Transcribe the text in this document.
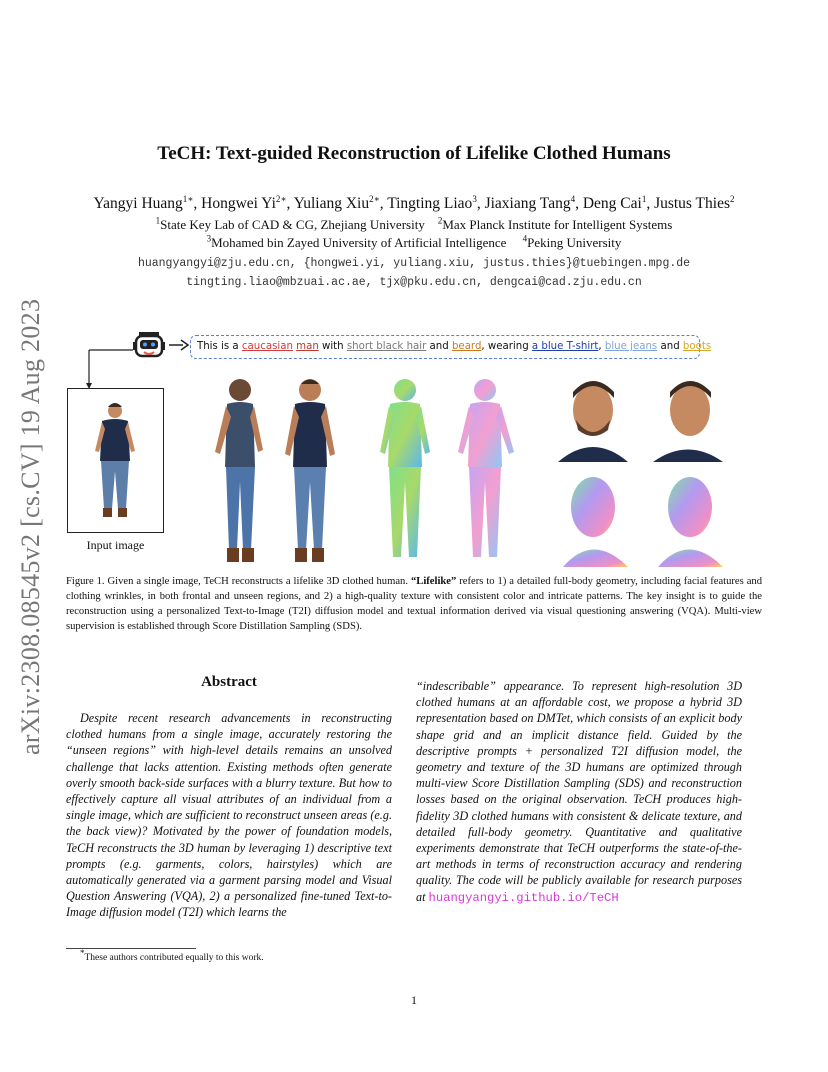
arXiv:2308.08545v2 [cs.CV] 19 Aug 2023
TeCH: Text-guided Reconstruction of Lifelike Clothed Humans
Yangyi Huang$^{1∗}$, Hongwei $Yi^{2∗}$, Yuliang Xiu$^{2∗}$, Tingting Liao$^3$, Jiaxiang Tang$^4$, Deng Cai$^1$, Justus Thies$^2$
$^1$State Key Lab of CAD & CG, Zhejiang University $^2$Max Planck Institute for Intelligent Systems
$^3$Mohamed bin Zayed University of Artificial Intelligence $^4$Peking University
huangyangyi@zju.edu.cn, {hongwei.yi, yuliang.xiu, justus.thies}@tuebingen.mpg.de
tingting.liao@mbzuai.ac.ae, tjx@pku.edu.cn, dengcai@cad.zju.edu.cn
This is a caucasian man with short black hair and beard, wearing a blue T-shirt, blue jeans and boots
Input image
Figure 1. Given a single image, TeCH reconstructs a lifelike 3D clothed human. “Lifelike” refers to 1) a detailed full-body geometry, including facial features and clothing wrinkles, in both frontal and unseen regions, and 2) a high-quality texture with consistent color and intricate patterns. The key insight is to guide the reconstruction using a personalized Text-to-Image (T2I) diffusion model and textual information derived via visual questioning answering (VQA). Multi-view supervision is established through Score Distillation Sampling (SDS).
Abstract
Despite recent research advancements in reconstructing clothed humans from a single image, accurately restoring the “unseen regions” with high-level details remains an unsolved challenge that lacks attention. Existing methods often generate overly smooth back-side surfaces with a blurry texture. But how to effectively capture all visual attributes of an individual from a single image, which are sufficient to reconstruct unseen areas (e.g. the back view)? Motivated by the power of foundation models, TeCH reconstructs the 3D human by leveraging 1) descriptive text prompts (e.g. garments, colors, hairstyles) which are automatically generated via a garment parsing model and Visual Question Answering (VQA), 2) a personalized fine-tuned Text-to-Image diffusion model (T2I) which learns the
“indescribable” appearance. To represent high-resolution 3D clothed humans at an affordable cost, we propose a hybrid 3D representation based on DMTet, which consists of an explicit body shape grid and an implicit distance field. Guided by the descriptive prompts + personalized T2I diffusion model, the geometry and texture of the 3D humans are optimized through multi-view Score Distillation Sampling (SDS) and reconstruction losses based on the original observation. TeCH produces high-fidelity 3D clothed humans with consistent & delicate texture, and detailed full-body geometry. Quantitative and qualitative experiments demonstrate that TeCH outperforms the state-of-the-art methods in terms of reconstruction accuracy and rendering quality. The code will be publicly available for research purposes at huangyangyi.github.io/TeCH
*These authors contributed equally to this work.
1
